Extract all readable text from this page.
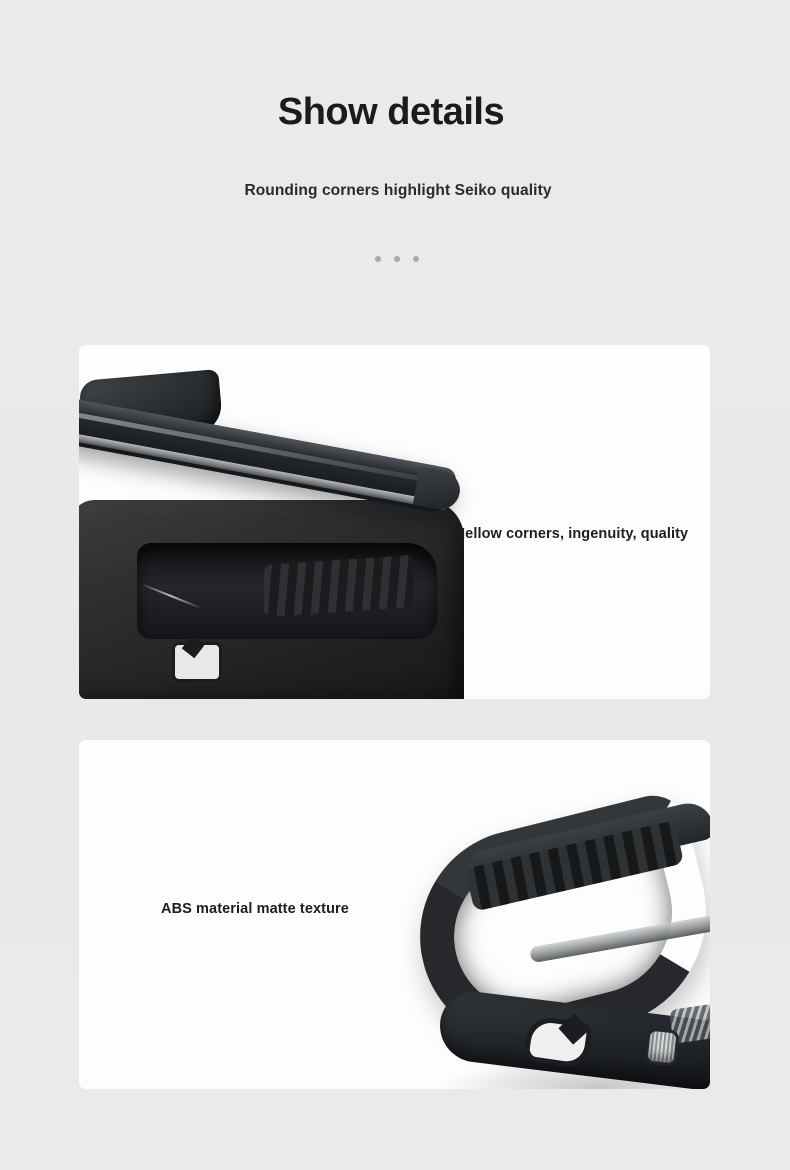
Show details
Rounding corners highlight Seiko quality
Mellow corners, ingenuity, quality
ABS material matte texture
